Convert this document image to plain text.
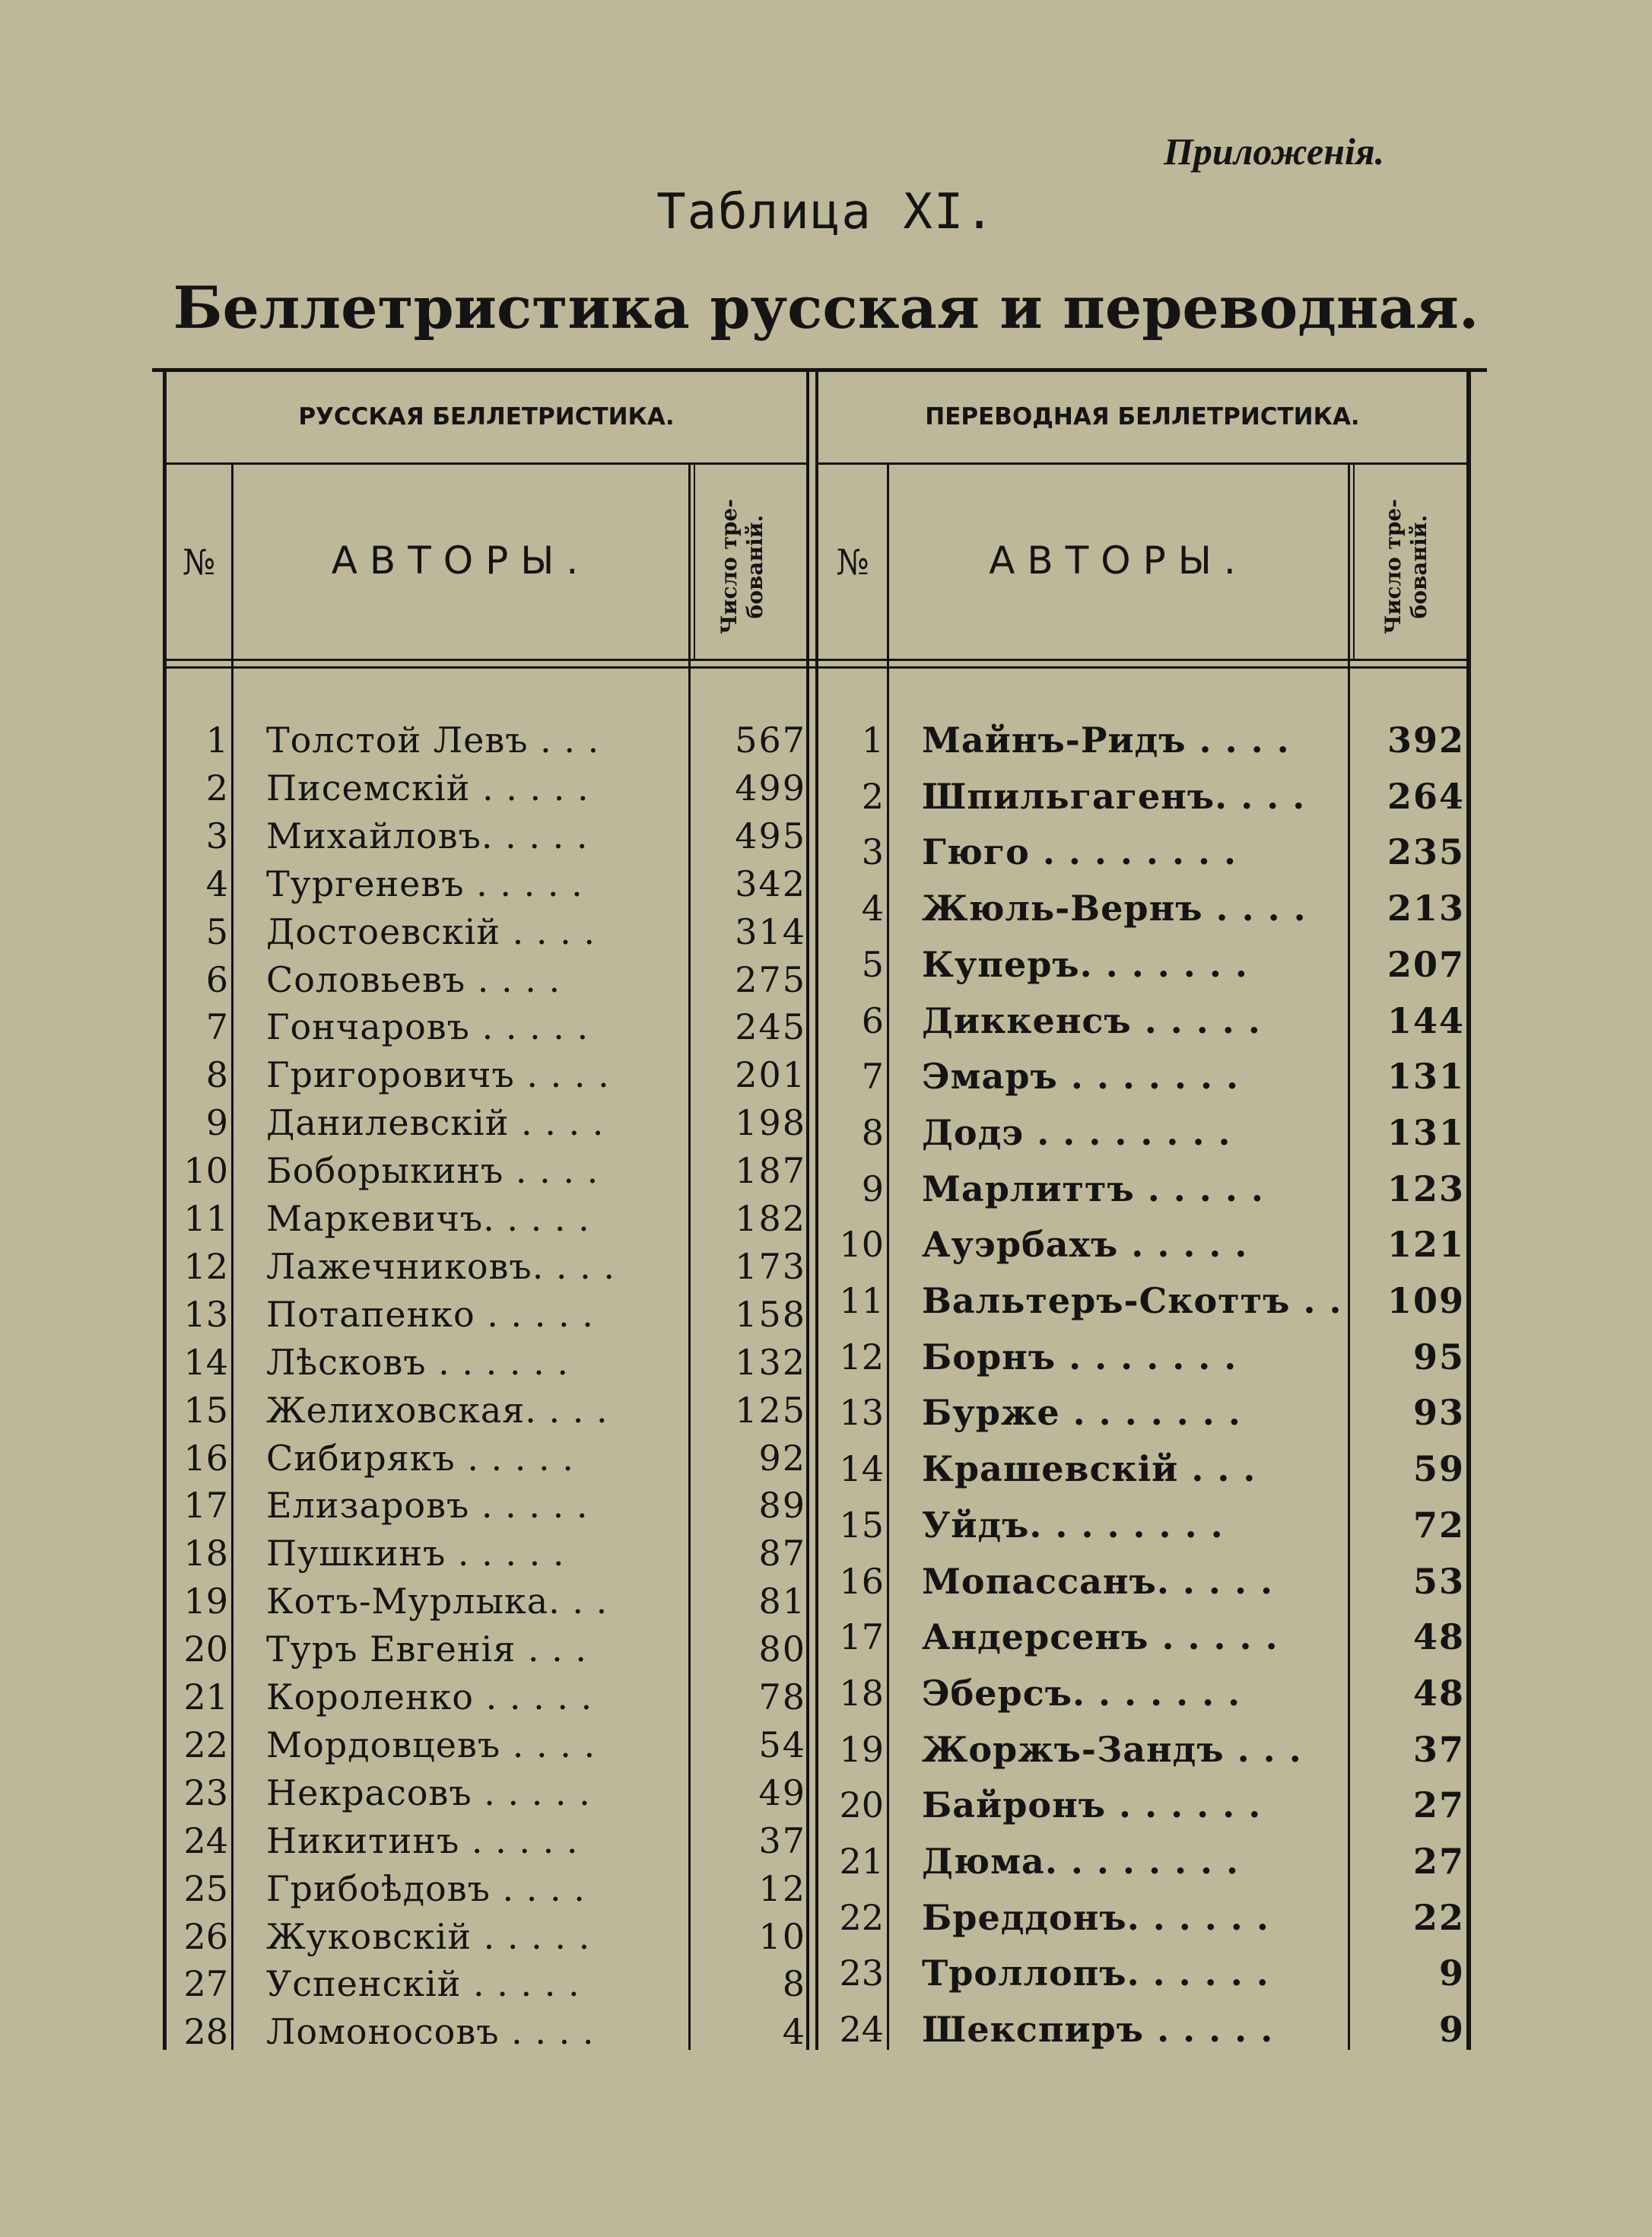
Приложенія.
Таблица XI.
Беллетристика русская и переводная.
РУССКАЯ БЕЛЛЕТРИСТИКА.	ПЕРЕВОДНАЯ БЕЛЛЕТРИСТИКА.
№	АВТОРЫ.	Число тре- бованій.	№	АВТОРЫ.	Число тре- бованій.
1 Толстой Левъ . . .	567
2 Писемскій . . . . .	499
3 Михайловъ. . . . .	495
4 Тургеневъ . . . . .	342
5 Достоевскій . . . .	314
6 Соловьевъ . . . .	275
7 Гончаровъ . . . . .	245
8 Григоровичъ . . . .	201
9 Данилевскій . . . .	198
10 Боборыкинъ . . . .	187
11 Маркевичъ. . . . .	182
12 Лажечниковъ. . . .	173
13 Потапенко . . . . .	158
14 Лѣсковъ . . . . . .	132
15 Желиховская. . . .	125
16 Сибирякъ . . . . .	92
17 Елизаровъ . . . . .	89
18 Пушкинъ . . . . .	87
19 Котъ-Мурлыка. . .	81
20 Туръ Евгенія . . .	80
21 Короленко . . . . .	78
22 Мордовцевъ . . . .	54
23 Некрасовъ . . . . .	49
24 Никитинъ . . . . .	37
25 Грибоѣдовъ . . . .	12
26 Жуковскій . . . . .	10
27 Успенскій . . . . .	8
28 Ломоносовъ . . . .	4
1 Майнъ-Ридъ . . . .	392
2 Шпильгагенъ. . . .	264
3 Гюго . . . . . . . .	235
4 Жюль-Вернъ . . . .	213
5 Куперъ. . . . . . .	207
6 Диккенсъ . . . . .	144
7 Эмаръ . . . . . . .	131
8 Додэ . . . . . . . .	131
9 Марлиттъ . . . . .	123
10 Ауэрбахъ . . . . .	121
11 Вальтеръ-Скоттъ . .	109
12 Борнъ . . . . . . .	95
13 Бурже . . . . . . .	93
14 Крашевскій . . .	59
15 Уйдъ. . . . . . . .	72
16 Мопассанъ. . . . .	53
17 Андерсенъ . . . . .	48
18 Эберсъ. . . . . . .	48
19 Жоржъ-Зандъ . . .	37
20 Байронъ . . . . . .	27
21 Дюма. . . . . . . .	27
22 Бреддонъ. . . . . .	22
23 Троллопъ. . . . . .	9
24 Шекспиръ . . . . .	9
